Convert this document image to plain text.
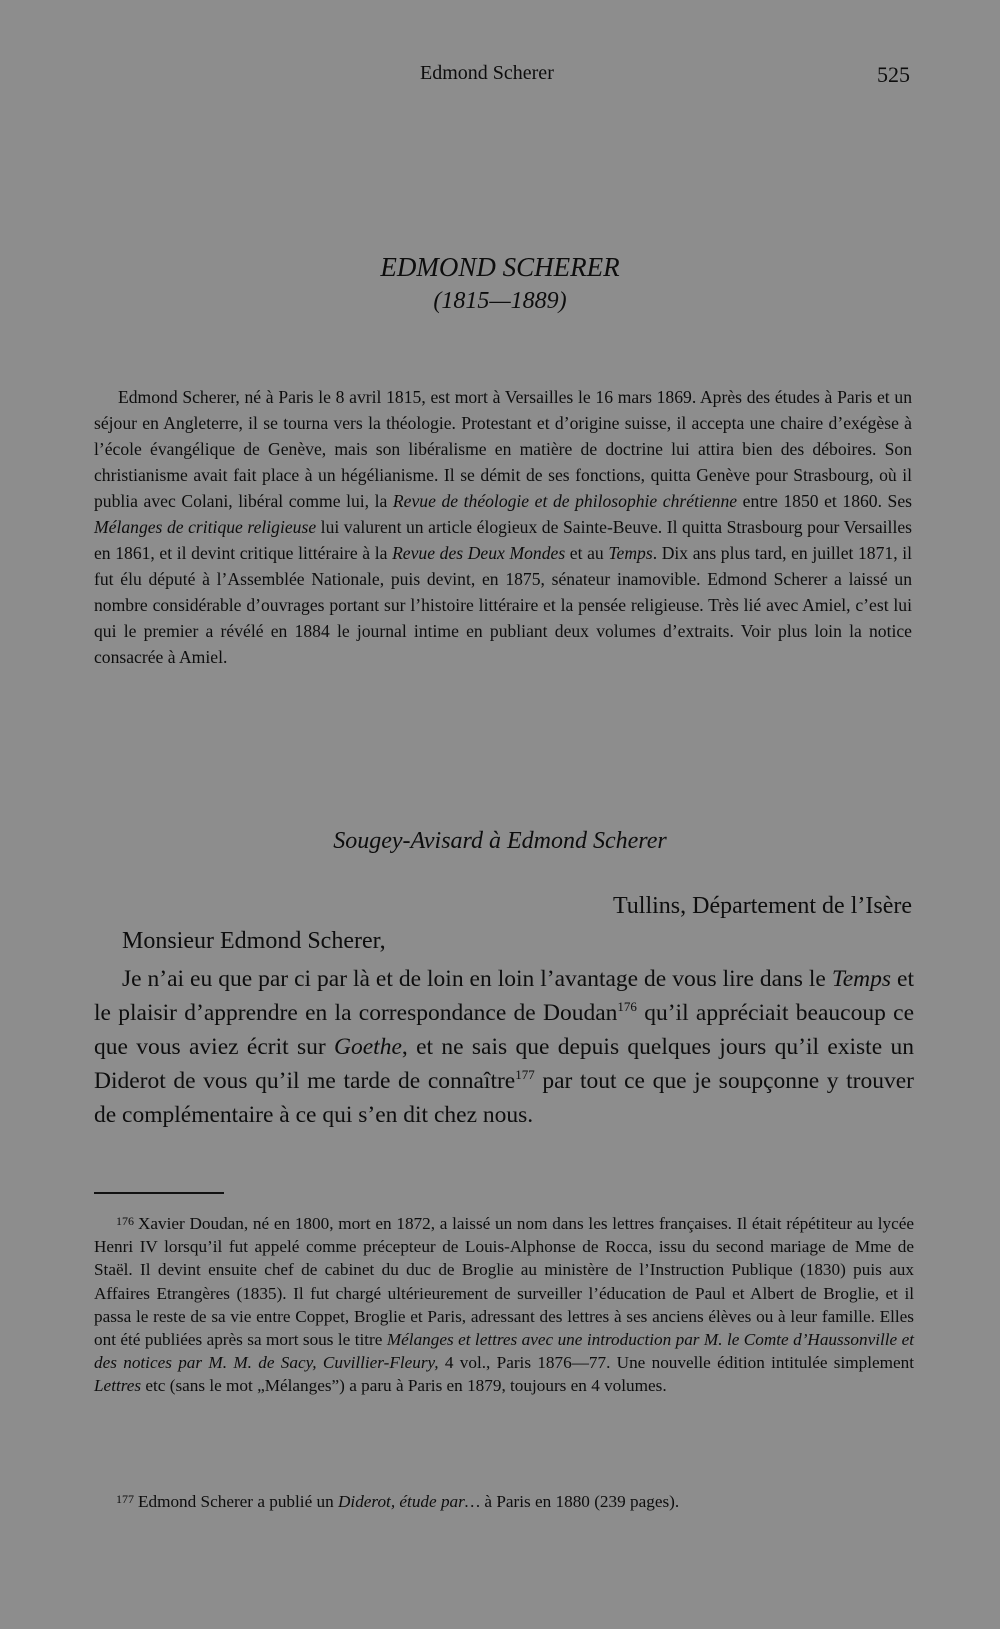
Edmond Scherer	525
EDMOND SCHERER
(1815—1889)

Edmond Scherer, né à Paris le 8 avril 1815, est mort à Versailles le 16 mars 1869. Après des études à Paris et un séjour en Angleterre, il se tourna vers la théologie. Protestant et d’origine suisse, il accepta une chaire d’exégèse à l’école évangélique de Genève, mais son libéralisme en matière de doctrine lui attira bien des déboires. Son christianisme avait fait place à un hégélianisme. Il se démit de ses fonctions, quitta Genève pour Strasbourg, où il publia avec Colani, libéral comme lui, la Revue de théologie et de philosophie chrétienne entre 1850 et 1860. Ses Mélanges de critique religieuse lui valurent un article élogieux de Sainte-Beuve. Il quitta Strasbourg pour Versailles en 1861, et il devint critique littéraire à la Revue des Deux Mondes et au Temps. Dix ans plus tard, en juillet 1871, il fut élu député à l’Assemblée Nationale, puis devint, en 1875, sénateur inamovible. Edmond Scherer a laissé un nombre considérable d’ouvrages portant sur l’histoire littéraire et la pensée religieuse. Très lié avec Amiel, c’est lui qui le premier a révélé en 1884 le journal intime en publiant deux volumes d’extraits. Voir plus loin la notice consacrée à Amiel.

Sougey-Avisard à Edmond Scherer
Tullins, Département de l’Isère
Monsieur Edmond Scherer,

Je n’ai eu que par ci par là et de loin en loin l’avantage de vous lire dans le Temps et le plaisir d’apprendre en la correspondance de Doudan$^{176}$ qu’il appréciait beaucoup ce que vous aviez écrit sur Goethe, et ne sais que depuis quelques jours qu’il existe un Diderot de vous qu’il me tarde de connaître$^{177}$ par tout ce que je soupçonne y trouver de complémentaire à ce qui s’en dit chez nous.

$^{176}$ Xavier Doudan, né en 1800, mort en 1872, a laissé un nom dans les lettres françaises. Il était répétiteur au lycée Henri IV lorsqu’il fut appelé comme précepteur de Louis-Alphonse de Rocca, issu du second mariage de Mme de Staël. Il devint ensuite chef de cabinet du duc de Broglie au ministère de l’Instruction Publique (1830) puis aux Affaires Etrangères (1835). Il fut chargé ultérieurement de surveiller l’éducation de Paul et Albert de Broglie, et il passa le reste de sa vie entre Coppet, Broglie et Paris, adressant des lettres à ses anciens élèves ou à leur famille. Elles ont été publiées après sa mort sous le titre Mélanges et lettres avec une introduction par M. le Comte d’Haussonville et des notices par M. M. de Sacy, Cuvillier-Fleury, 4 vol., Paris 1876—77. Une nouvelle édition intitulée simplement Lettres etc (sans le mot „Mélanges”) a paru à Paris en 1879, toujours en 4 volumes.

$^{177}$ Edmond Scherer a publié un Diderot, étude par… à Paris en 1880 (239 pages).
